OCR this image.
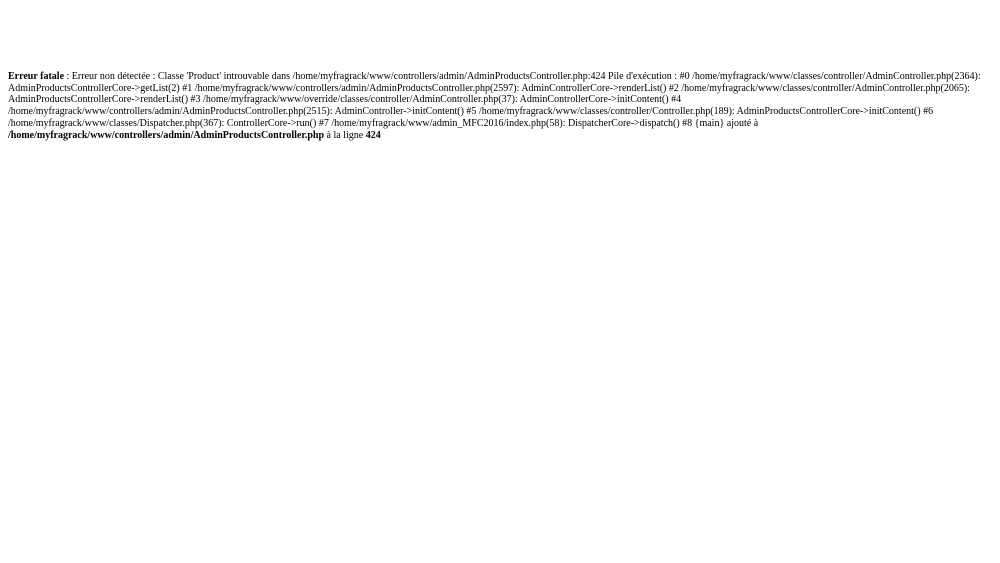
Erreur fatale : Erreur non détectée : Classe 'Product' introuvable dans /home/myfragrack/www/controllers/admin/AdminProductsController.php:424 Pile d'exécution : #0 /home/myfragrack/www/classes/controller/AdminController.php(2364): AdminProductsControllerCore->getList(2) #1 /home/myfragrack/www/controllers/admin/AdminProductsController.php(2597): AdminControllerCore->renderList() #2 /home/myfragrack/www/classes/controller/AdminController.php(2065): AdminProductsControllerCore->renderList() #3 /home/myfragrack/www/override/classes/controller/AdminController.php(37): AdminControllerCore->initContent() #4 /home/myfragrack/www/controllers/admin/AdminProductsController.php(2515): AdminController->initContent() #5 /home/myfragrack/www/classes/controller/Controller.php(189): AdminProductsControllerCore->initContent() #6 /home/myfragrack/www/classes/Dispatcher.php(367): ControllerCore->run() #7 /home/myfragrack/www/admin_MFC2016/index.php(58): DispatcherCore->dispatch() #8 {main} ajouté à /home/myfragrack/www/controllers/admin/AdminProductsController.php à la ligne 424
